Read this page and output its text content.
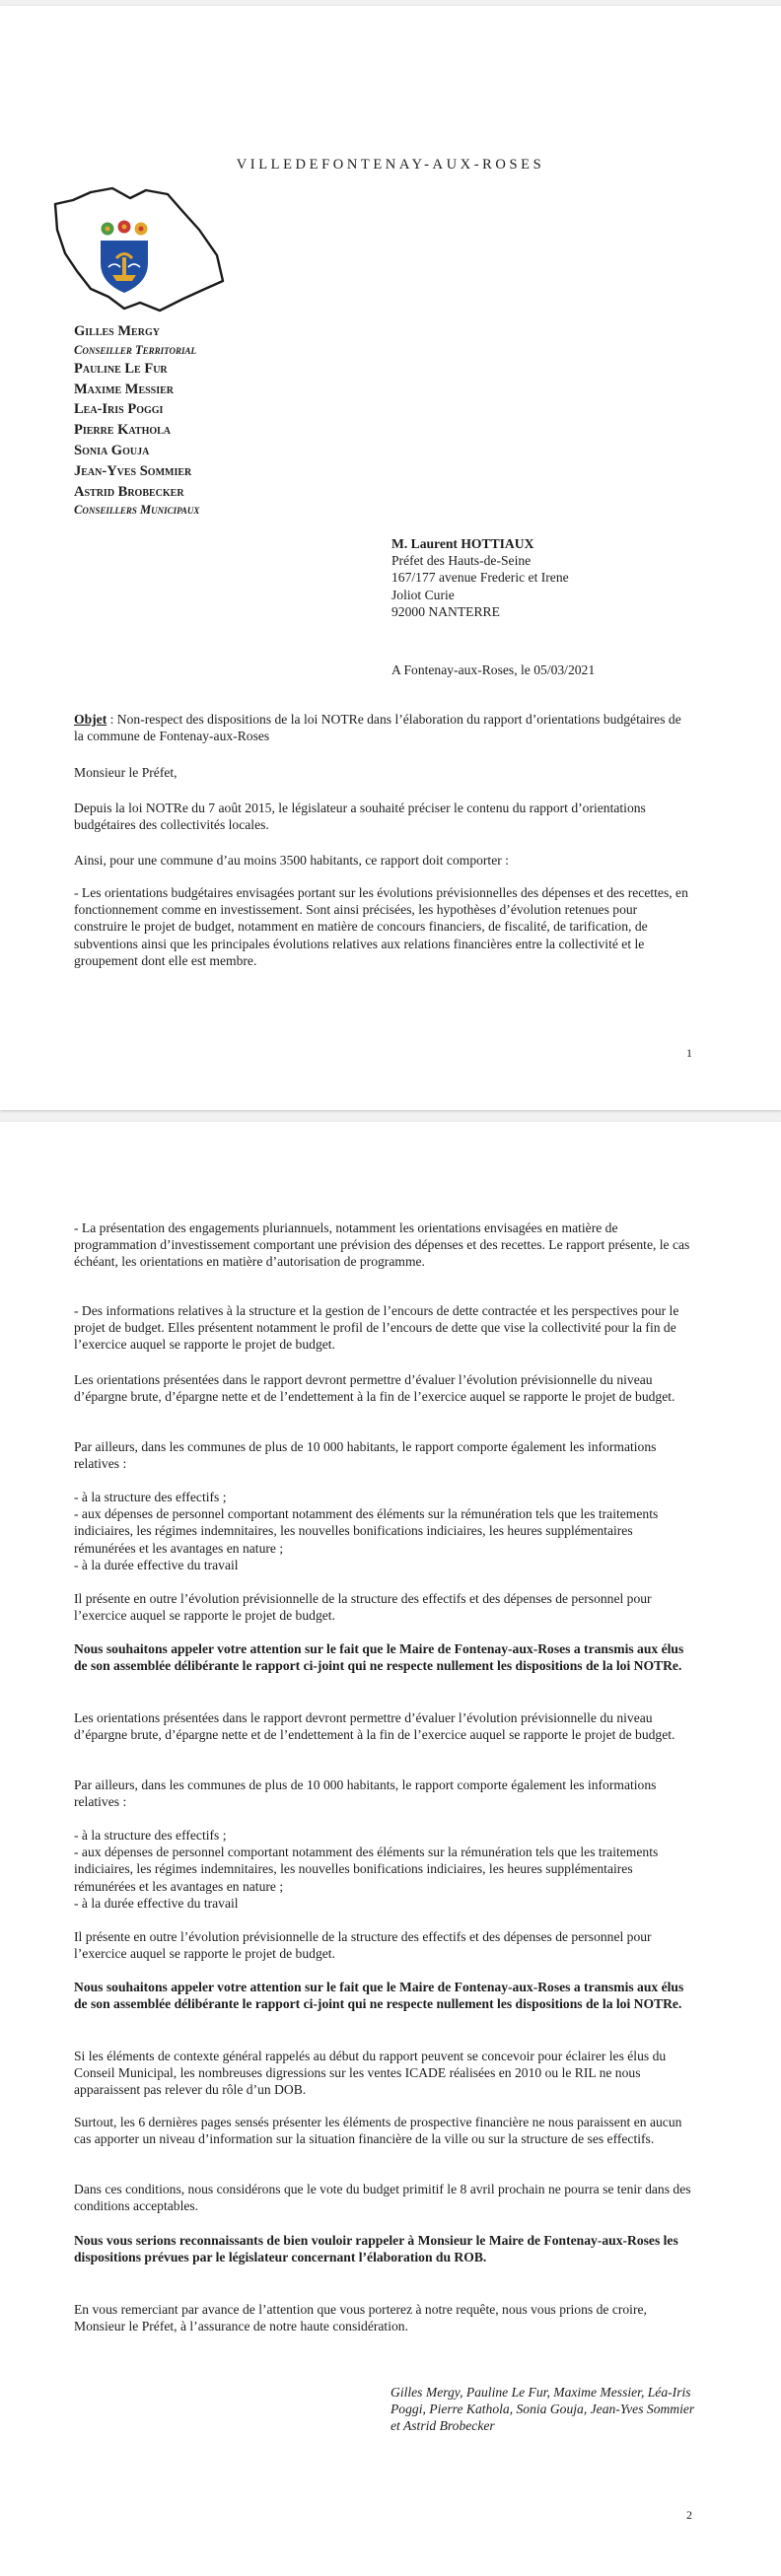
VILLEDEFONTENAY-AUX-ROSES
Gilles Mergy
Conseiller Territorial
Pauline Le Fur
Maxime Messier
Lea-Iris Poggi
Pierre Kathola
Sonia Gouja
Jean-Yves Sommier
Astrid Brobecker
Conseillers Municipaux
M. Laurent HOTTIAUX
Préfet des Hauts-de-Seine
167/177 avenue Frederic et Irene
Joliot Curie
92000 NANTERRE
A Fontenay-aux-Roses, le 05/03/2021
Objet : Non-respect des dispositions de la loi NOTRe dans l’élaboration du rapport d’orientations budgétaires de la commune de Fontenay-aux-Roses
Monsieur le Préfet,
Depuis la loi NOTRe du 7 août 2015, le législateur a souhaité préciser le contenu du rapport d’orientations budgétaires des collectivités locales.
Ainsi, pour une commune d’au moins 3500 habitants, ce rapport doit comporter :
- Les orientations budgétaires envisagées portant sur les évolutions prévisionnelles des dépenses et des recettes, en fonctionnement comme en investissement. Sont ainsi précisées, les hypothèses d’évolution retenues pour construire le projet de budget, notamment en matière de concours financiers, de fiscalité, de tarification, de subventions ainsi que les principales évolutions relatives aux relations financières entre la collectivité et le groupement dont elle est membre.
1
- La présentation des engagements pluriannuels, notamment les orientations envisagées en matière de programmation d’investissement comportant une prévision des dépenses et des recettes. Le rapport présente, le cas échéant, les orientations en matière d’autorisation de programme.
- Des informations relatives à la structure et la gestion de l’encours de dette contractée et les perspectives pour le projet de budget. Elles présentent notamment le profil de l’encours de dette que vise la collectivité pour la fin de l’exercice auquel se rapporte le projet de budget.
Les orientations présentées dans le rapport devront permettre d’évaluer l’évolution prévisionnelle du niveau d’épargne brute, d’épargne nette et de l’endettement à la fin de l’exercice auquel se rapporte le projet de budget.
Par ailleurs, dans les communes de plus de 10 000 habitants, le rapport comporte également les informations relatives :
- à la structure des effectifs ;
- aux dépenses de personnel comportant notamment des éléments sur la rémunération tels que les traitements indiciaires, les régimes indemnitaires, les nouvelles bonifications indiciaires, les heures supplémentaires rémunérées et les avantages en nature ;
- à la durée effective du travail
Il présente en outre l’évolution prévisionnelle de la structure des effectifs et des dépenses de personnel pour l’exercice auquel se rapporte le projet de budget.
Nous souhaitons appeler votre attention sur le fait que le Maire de Fontenay-aux-Roses a transmis aux élus de son assemblée délibérante le rapport ci-joint qui ne respecte nullement les dispositions de la loi NOTRe.
Les orientations présentées dans le rapport devront permettre d’évaluer l’évolution prévisionnelle du niveau d’épargne brute, d’épargne nette et de l’endettement à la fin de l’exercice auquel se rapporte le projet de budget.
Par ailleurs, dans les communes de plus de 10 000 habitants, le rapport comporte également les informations relatives :
- à la structure des effectifs ;
- aux dépenses de personnel comportant notamment des éléments sur la rémunération tels que les traitements indiciaires, les régimes indemnitaires, les nouvelles bonifications indiciaires, les heures supplémentaires rémunérées et les avantages en nature ;
- à la durée effective du travail
Il présente en outre l’évolution prévisionnelle de la structure des effectifs et des dépenses de personnel pour l’exercice auquel se rapporte le projet de budget.
Nous souhaitons appeler votre attention sur le fait que le Maire de Fontenay-aux-Roses a transmis aux élus de son assemblée délibérante le rapport ci-joint qui ne respecte nullement les dispositions de la loi NOTRe.
Si les éléments de contexte général rappelés au début du rapport peuvent se concevoir pour éclairer les élus du Conseil Municipal, les nombreuses digressions sur les ventes ICADE réalisées en 2010 ou le RIL ne nous apparaissent pas relever du rôle d’un DOB.
Surtout, les 6 dernières pages sensés présenter les éléments de prospective financière ne nous paraissent en aucun cas apporter un niveau d’information sur la situation financière de la ville ou sur la structure de ses effectifs.
Dans ces conditions, nous considérons que le vote du budget primitif le 8 avril prochain ne pourra se tenir dans des conditions acceptables.
Nous vous serions reconnaissants de bien vouloir rappeler à Monsieur le Maire de Fontenay-aux-Roses les dispositions prévues par le législateur concernant l’élaboration du ROB.
En vous remerciant par avance de l’attention que vous porterez à notre requête, nous vous prions de croire, Monsieur le Préfet, à l’assurance de notre haute considération.
Gilles Mergy, Pauline Le Fur, Maxime Messier, Léa-Iris Poggi, Pierre Kathola, Sonia Gouja, Jean-Yves Sommier et Astrid Brobecker
2
